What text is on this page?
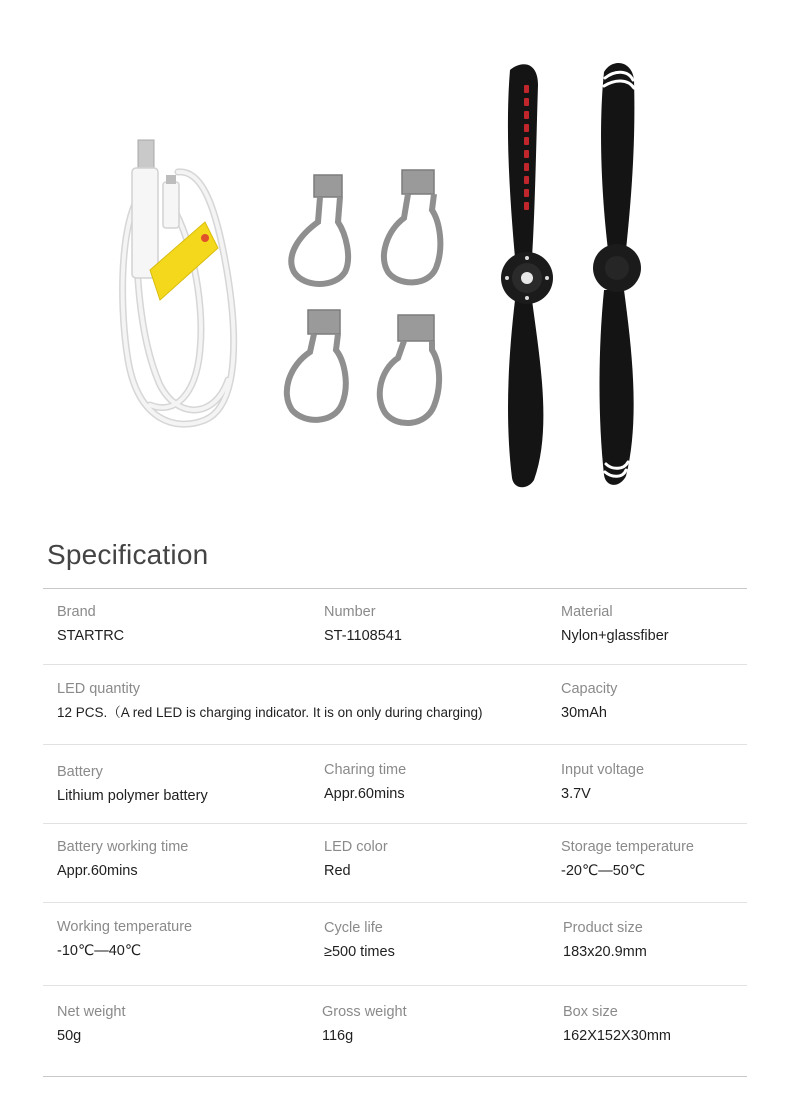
Specification
Brand
STARTRC
Number
ST-1108541
Material
Nylon+glassfiber
LED quantity
12 PCS.（A red LED is charging indicator. It is on only during charging)
Capacity
30mAh
Battery
Lithium polymer battery
Charing time
Appr.60mins
Input voltage
3.7V
Battery working time
Appr.60mins
LED color
Red
Storage temperature
-20℃—50℃
Working temperature
-10℃—40℃
Cycle life
≥500 times
Product size
183x20.9mm
Net weight
50g
Gross weight
116g
Box size
162X152X30mm
